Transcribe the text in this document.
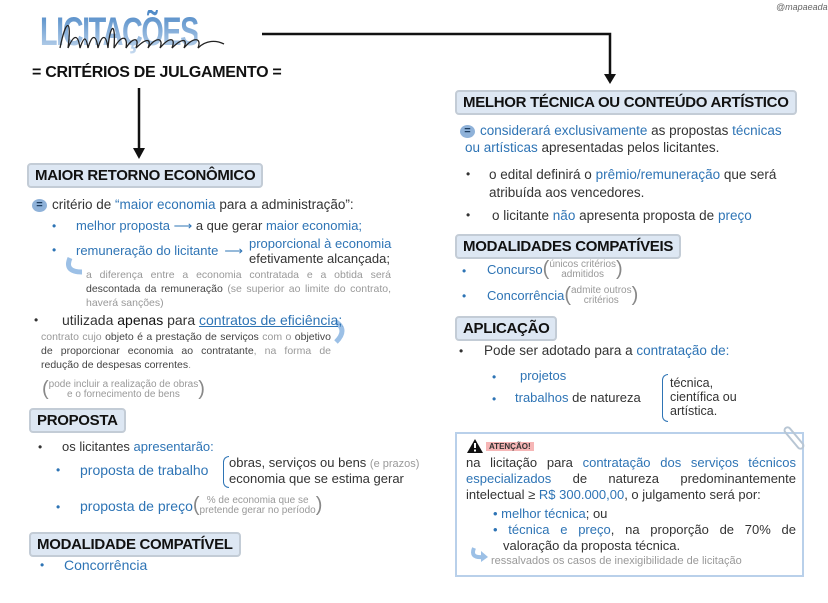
LICITAÇÕES
= CRITÉRIOS DE JULGAMENTO =
@mapaeada
MAIOR RETORNO ECONÔMICO
= critério de “maior economia para a administração”:
• melhor proposta ⟶ a que gerar maior economia;
• remuneração do licitante ⟶ proporcional à economia
efetivamente alcançada;
a diferença entre a economia contratada e a obtida será descontada da remuneração (se superior ao limite do contrato, haverá sanções)
• utilizada apenas para contratos de eficiência;
contrato cujo objeto é a prestação de serviços com o objetivo de proporcionar economia ao contratante, na forma de redução de despesas correntes.
( pode incluir a realização de obras
e o fornecimento de bens )
PROPOSTA
• os licitantes apresentarão:
• proposta de trabalho obras, serviços ou bens (e prazos)
economia que se estima gerar
• proposta de preço ( % de economia que se
pretende gerar no período )
MODALIDADE COMPATÍVEL
• Concorrência
MELHOR TÉCNICA OU CONTEÚDO ARTÍSTICO
= considerará exclusivamente as propostas técnicas
ou artísticas apresentadas pelos licitantes.
• o edital definirá o prêmio/remuneração que será
atribuída aos vencedores.
• o licitante não apresenta proposta de preço
MODALIDADES COMPATÍVEIS
• Concurso ( únicos critérios
admitidos )
• Concorrência ( admite outros
critérios )
APLICAÇÃO
• Pode ser adotado para a contratação de:
• projetos
• trabalhos de natureza
técnica,
científica ou
artística.
ATENÇÃO!
na licitação para contratação dos serviços técnicos especializados de natureza predominantemente intelectual ≥ R$ 300.000,00, o julgamento será por:
• melhor técnica; ou
• técnica e preço, na proporção de 70% de valoração da proposta técnica.
ressalvados os casos de inexigibilidade de licitação
